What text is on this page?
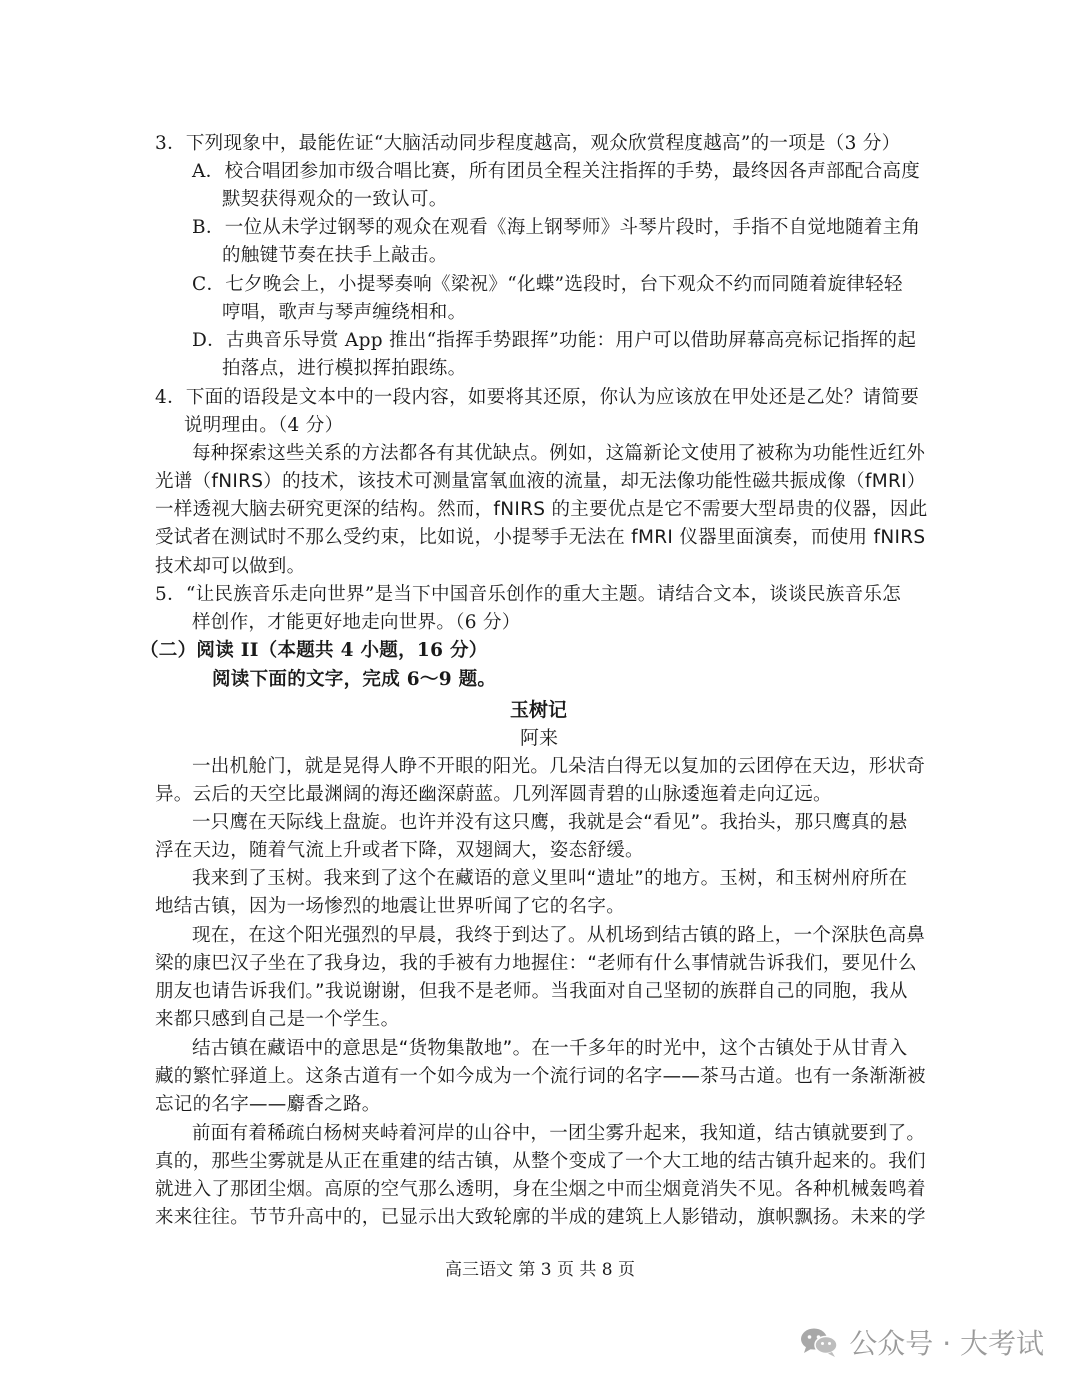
3．下列现象中，最能佐证“大脑活动同步程度越高，观众欣赏程度越高”的一项是（3 分）
A．校合唱团参加市级合唱比赛，所有团员全程关注指挥的手势，最终因各声部配合高度
默契获得观众的一致认可。
B．一位从未学过钢琴的观众在观看《海上钢琴师》斗琴片段时，手指不自觉地随着主角
的触键节奏在扶手上敲击。
C．七夕晚会上，小提琴奏响《梁祝》“化蝶”选段时，台下观众不约而同随着旋律轻轻
哼唱，歌声与琴声缠绕相和。
D．古典音乐导赏 App 推出“指挥手势跟挥”功能：用户可以借助屏幕高亮标记指挥的起
拍落点，进行模拟挥拍跟练。
4．下面的语段是文本中的一段内容，如要将其还原，你认为应该放在甲处还是乙处？请简要
说明理由。（4 分）
每种探索这些关系的方法都各有其优缺点。例如，这篇新论文使用了被称为功能性近红外
光谱（fNIRS）的技术，该技术可测量富氧血液的流量，却无法像功能性磁共振成像（fMRI）
一样透视大脑去研究更深的结构。然而，fNIRS 的主要优点是它不需要大型昂贵的仪器，因此
受试者在测试时不那么受约束，比如说，小提琴手无法在 fMRI 仪器里面演奏，而使用 fNIRS
技术却可以做到。
5．“让民族音乐走向世界”是当下中国音乐创作的重大主题。请结合文本，谈谈民族音乐怎
样创作，才能更好地走向世界。（6 分）
（二）阅读 II（本题共 4 小题，16 分）
阅读下面的文字，完成 6～9 题。
玉树记
阿来
一出机舱门，就是晃得人睁不开眼的阳光。几朵洁白得无以复加的云团停在天边，形状奇
异。云后的天空比最渊阔的海还幽深蔚蓝。几列浑圆青碧的山脉逶迤着走向辽远。
一只鹰在天际线上盘旋。也许并没有这只鹰，我就是会“看见”。我抬头，那只鹰真的悬
浮在天边，随着气流上升或者下降，双翅阔大，姿态舒缓。
我来到了玉树。我来到了这个在藏语的意义里叫“遗址”的地方。玉树，和玉树州府所在
地结古镇，因为一场惨烈的地震让世界听闻了它的名字。
现在，在这个阳光强烈的早晨，我终于到达了。从机场到结古镇的路上，一个深肤色高鼻
梁的康巴汉子坐在了我身边，我的手被有力地握住：“老师有什么事情就告诉我们，要见什么
朋友也请告诉我们。”我说谢谢，但我不是老师。当我面对自己坚韧的族群自己的同胞，我从
来都只感到自己是一个学生。
结古镇在藏语中的意思是“货物集散地”。在一千多年的时光中，这个古镇处于从甘青入
藏的繁忙驿道上。这条古道有一个如今成为一个流行词的名字——茶马古道。也有一条渐渐被
忘记的名字——麝香之路。
前面有着稀疏白杨树夹峙着河岸的山谷中，一团尘雾升起来，我知道，结古镇就要到了。
真的，那些尘雾就是从正在重建的结古镇，从整个变成了一个大工地的结古镇升起来的。我们
就进入了那团尘烟。高原的空气那么透明，身在尘烟之中而尘烟竟消失不见。各种机械轰鸣着
来来往往。节节升高中的，已显示出大致轮廓的半成的建筑上人影错动，旗帜飘扬。未来的学
高三语文 第 3 页 共 8 页
公众号 · 大考试
